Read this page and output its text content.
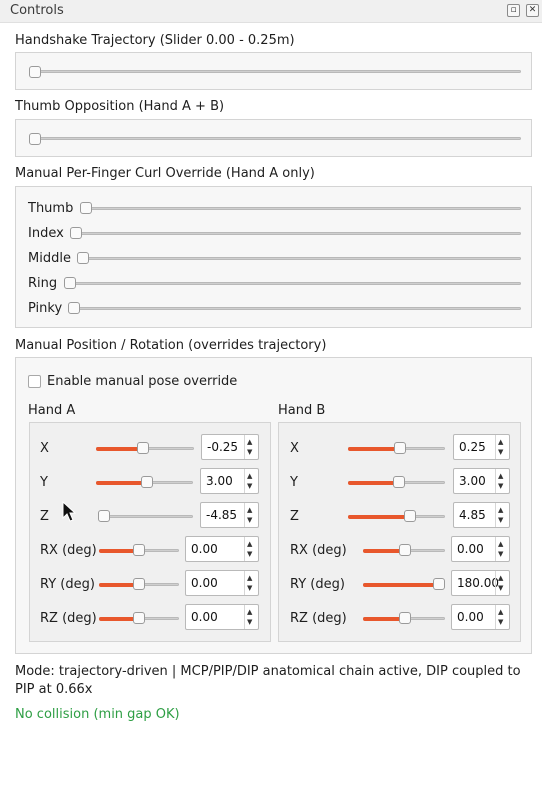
Controls	▫	✕
Handshake Trajectory (Slider 0.00 - 0.25m)
Thumb Opposition (Hand A + B)
Manual Per-Finger Curl Override (Hand A only)
Thumb
Index
Middle
Ring
Pinky
Manual Position / Rotation (overrides trajectory)
Enable manual pose override
Hand A	Hand B
X	-0.25 ▲
▼
Y	3.00 ▲
▼
Z	-4.85 ▲
▼
RX (deg)	0.00	▲
▼
RY (deg)	0.00	▲
▼
RZ (deg)	0.00	▲
▼
X	0.25 ▲
▼
Y	3.00 ▲
▼
Z	4.85 ▲
▼
RX (deg)	0.00 ▲
▼
RY (deg)	180.00 ▲
▼
RZ (deg)	0.00 ▲
▼
Mode: trajectory-driven | MCP/PIP/DIP anatomical chain active, DIP coupled to PIP at 0.66x
No collision (min gap OK)
